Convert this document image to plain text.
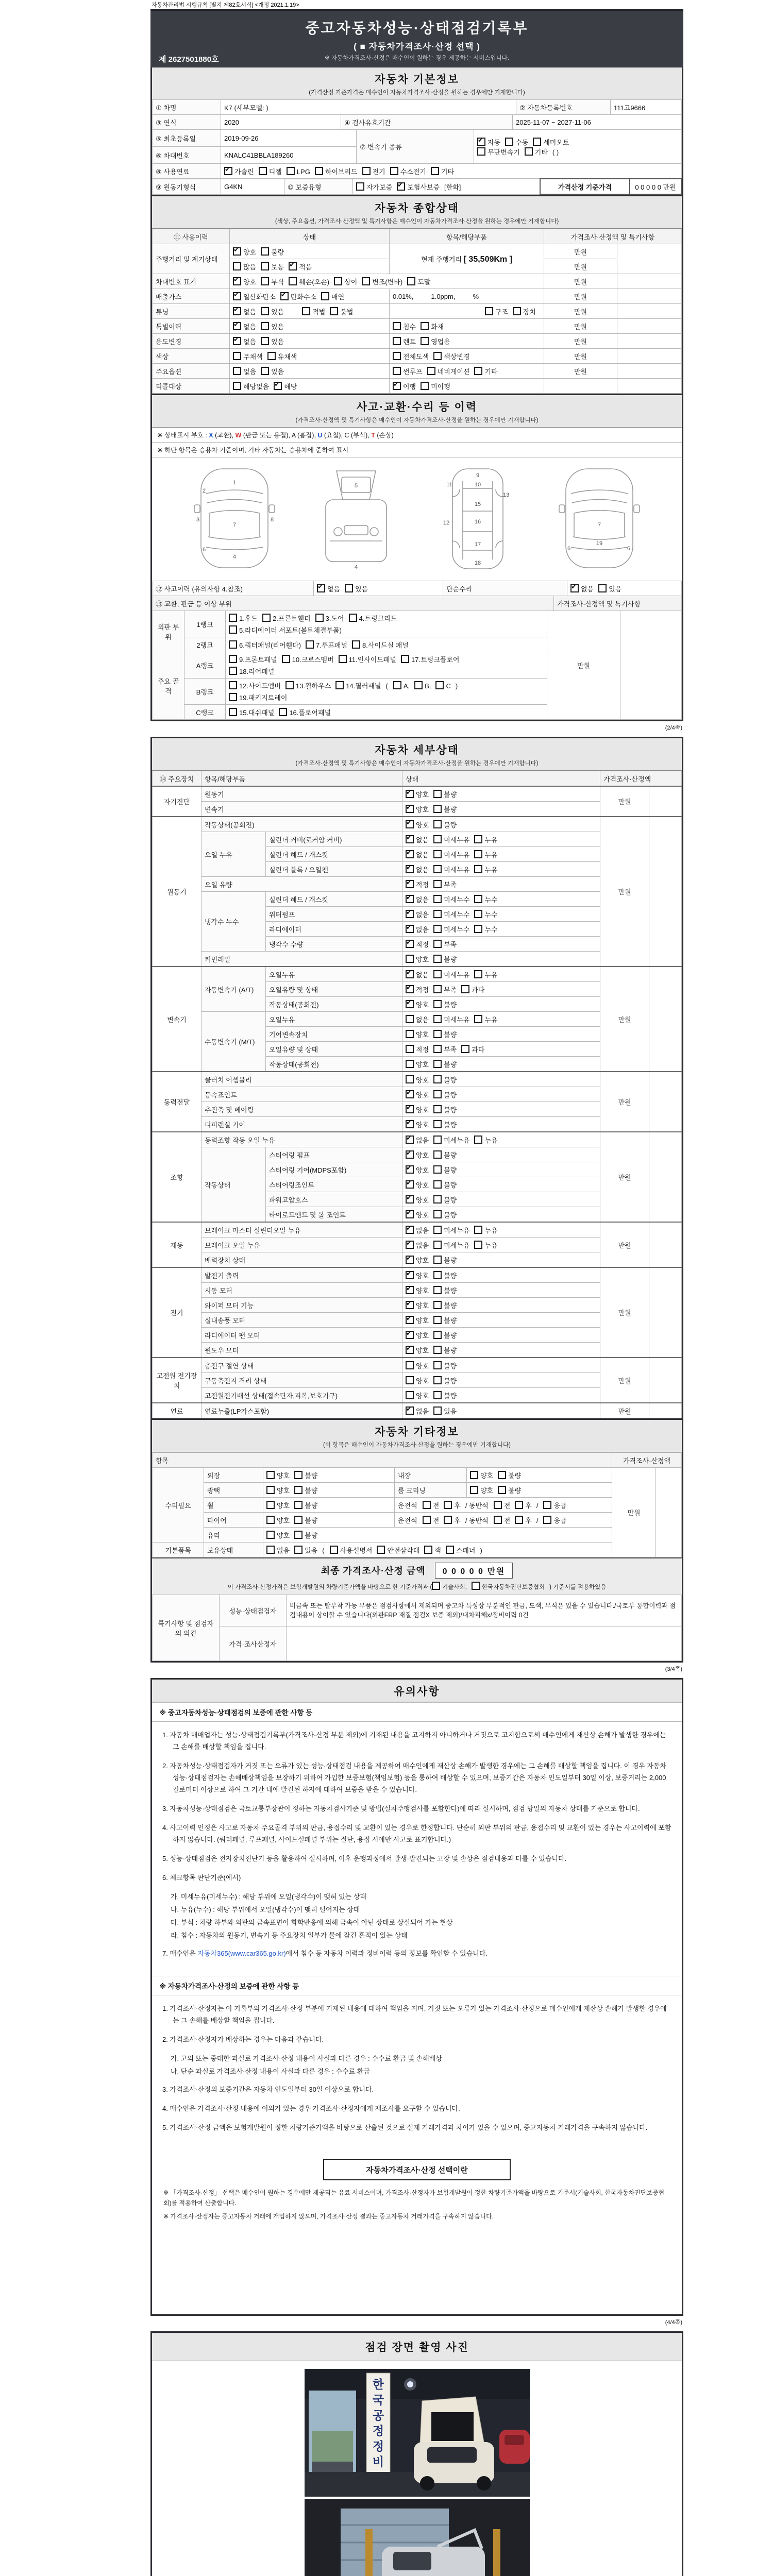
자동차관리법 시행규칙 [별지 제82호서식] <개정 2021.1.19>
중고자동차성능·상태점검기록부
( ■ 자동차가격조사·산정 선택 )
※ 자동차가격조사·산정은 매수인이 원하는 경우 제공하는 서비스입니다.
제 2627501880호
자동차 기본정보
(가격산정 기준가격은 매수인이 자동차가격조사·산정을 원하는 경우에만 기재합니다)
① 차명	K7 (세부모델: )	② 자동차등록번호	111고9666
③ 연식	2020	④ 검사유효기간	2025-11-07 ~ 2027-11-06
⑤ 최초등록일	2019-09-26	⑦ 변속기 종류	✔자동 수동 세미오토
무단변속기 기타 ( )
⑥ 차대번호	KNALC41BBLA189260		
⑧ 사용연료	✔가솔린 디젤 LPG 하이브리드 전기 수소전기 기타
⑨ 원동기형식	G4KN	⑩ 보증유형	자가보증 ✔ 보험사보증 [한화]	가격산정 기준가격	0 0 0 0 0 만원
자동차 종합상태
(색상, 주요옵션, 가격조사·산정액 및 특기사항은 매수인이 자동차가격조사·산정을 원하는 경우에만 기재합니다)
⑪ 사용이력	상태	항목/해당부품	가격조사·산정액 및 특기사항	
주행거리 및 계기상태	✔양호 불량	현재 주행거리 [ 35,509Km ]	만원	
	많음 보통 ✔ 적음		만원	
차대번호 표기	✔양호 부식 훼손(오손) 상이 변조(변타) 도말		만원	
배출가스	✔일산화탄소 ✔ 탄화수소 매연	0.01%, 1.0ppm, %	만원	
튜닝	✔없음 있음 적법 불법	구조 장치	만원	
특별이력	✔없음 있음	침수 화재	만원	
용도변경	✔없음 있음	렌트 영업용	만원	
색상	무채색 유채색	전체도색 색상변경	만원	
주요옵션	없음 있음	썬루프 네비게이션 기타	만원	
리콜대상	해당없음 ✔ 해당	✔이행 미이행		
사고·교환·수리 등 이력
(가격조사·산정액 및 특기사항은 매수인이 자동차가격조사·산정을 원하는 경우에만 기재합니다)
※ 상태표시 부호 : X (교환), W (판금 또는 용접), A (흠집), U (요철), C (부식), T (손상)
※ 하단 항목은 승용차 기준이며, 기타 자동차는 승용차에 준하여 표시
1
2
3
6
4
7
8
5
4
9
10
11
12
13
15
16
17
18
7
6
19
6
⑫ 사고이력 (유의사항 4.참조)	✔없음 있음	단순수리	✔없음 있음
⑬ 교환, 판금 등 이상 부위	가격조사·산정액 및 특기사항
외판 부위	1랭크	1.후드 2.프론트휀더 3.도어 4.트렁크리드
5.라디에이터 서포트(볼트체결부품)	만원	
	2랭크	6.쿼터패널(리어휀다) 7.루프패널 8.사이드실 패널		

주요 골격	A랭크	9.프론트패널 10.크로스멤버 11.인사이드패널 17.트렁크플로어
18.리어패널		

	B랭크	12.사이드멤버 13.휠하우스 14.필러패널 ( A, B, C )
19.패키지트레이		

	C랭크	15.대쉬패널 16.플로어패널		
(2/4쪽)
자동차 세부상태
(가격조사·산정액 및 특기사항은 매수인이 자동차가격조사·산정을 원하는 경우에만 기재합니다)
⑭ 주요장치	항목/해당부품		상태	가격조사·산정액	
자기진단	원동기	✔양호 불량	만원	
	변속기	✔양호 불량
원동기	작동상태(공회전)	✔양호 불량	만원	
	오일 누유	실린더 커버(로커암 커버)	✔없음 미세누유 누유
		실린더 헤드 / 개스킷	✔없음 미세누유 누유
		실린더 블록 / 오일팬	✔없음 미세누유 누유
	오일 유량	✔적정 부족
	냉각수 누수	실린더 헤드 / 개스킷	✔없음 미세누수 누수
		워터펌프	✔없음 미세누수 누수
		라디에이터	✔없음 미세누수 누수
		냉각수 수량	✔적정 부족
	커먼레일		양호 불량		
변속기	자동변속기 (A/T)	오일누유	✔없음 미세누유 누유	만원	
		오일유량 및 상태	✔적정 부족 과다
		작동상태(공회전)	✔양호 불량
	수동변속기 (M/T)	오일누유	없음 미세누유 누유		
		기어변속장치	양호 불량		
		오일유량 및 상태	적정 부족 과다		
		작동상태(공회전)	양호 불량		
동력전달	클러치 어셈블리		양호 불량	만원	
	등속죠인트	✔양호 불량
	추진축 및 베어링	✔양호 불량
	디퍼렌셜 기어	✔양호 불량
조향	동력조향 작동 오일 누유	✔없음 미세누유 누유	만원	
	작동상태	스티어링 펌프	✔양호 불량
		스티어링 기어(MDPS포함)	✔양호 불량
		스티어링조인트	✔양호 불량
		파워고압호스	✔양호 불량
		타이로드엔드 및 볼 조인트	✔양호 불량
제동	브레이크 마스터 실린더오일 누유	✔없음 미세누유 누유	만원	
	브레이크 오일 누유	✔없음 미세누유 누유
	배력장치 상태	✔양호 불량
전기	발전기 출력	✔양호 불량	만원	
	시동 모터	✔양호 불량
	와이퍼 모터 기능	✔양호 불량
	실내송풍 모터	✔양호 불량
	라디에이터 팬 모터	✔양호 불량
	윈도우 모터	✔양호 불량
고전원 전기장치	충전구 절연 상태		양호 불량	만원	
	구동축전지 격리 상태		양호 불량		
	고전원전기배선 상태(접속단자,피복,보호기구)		양호 불량		
연료	연료누출(LP가스포함)	✔없음 있음	만원	
자동차 기타정보
(이 항목은 매수인이 자동차가격조사·산정을 원하는 경우에만 기재합니다)
항목					가격조사·산정액	
수리필요	외장	양호 불량	내장	양호 불량	만원	
	광택	양호 불량	룸 크리닝	양호 불량		
	휠	양호 불량	운전석 전 후 / 동반석 전 후 / 응급			
	타이어	양호 불량	운전석 전 후 / 동반석 전 후 / 응급			
	유리	양호 불량				
기본품목	보유상태	없음 있음 ( 사용설명서 안전삼각대 잭 스패너 )				
최종 가격조사·산정 금액 0 0 0 0 0 만원
이 가격조사·산정가격은 보험개발원의 차량기준가액을 바탕으로 한 기준가격과 ( 기술사회,	한국자동차진단보증협회 ) 기준서를 적용하였음
특기사항 및 점검자의 의견	성능·상태점검자	비금속 또는 탈부착 가능 부품은 점검사항에서 제외되며 중고차 특성상 부분적인 판금, 도색, 부식은 있을 수 있습니다./국토부 통합이력과 점검내용이 상이할 수 있습니다(외판FRP 재질 점검X 보증 제외)/내차피해x/정비이력 0건
	가격·조사산정자	
(3/4쪽)
유의사항
※ 중고자동차성능·상태점검의 보증에 관한 사항 등
1. 자동차 매매업자는 성능·상태점검기록부(가격조사·산정 부분 제외)에 기재된 내용을 고지하지 아니하거나 거짓으로 고지함으로써 매수인에게 재산상 손해가 발생한 경우에는 그 손해를 배상할 책임을 집니다.
2. 자동차성능·상태점검자가 거짓 또는 오류가 있는 성능·상태점검 내용을 제공하여 매수인에게 재산상 손해가 발생한 경우에는 그 손해를 배상할 책임을 집니다. 이 경우 자동차성능·상태점검자는 손해배상책임을 보장하기 위하여 가입한 보증보험(책임보험) 등을 통하여 배상할 수 있으며, 보증기간은 자동차 인도일부터 30일 이상, 보증거리는 2,000킬로미터 이상으로 하여 그 기간 내에 발견된 하자에 대하여 보증을 받을 수 있습니다.
3. 자동차성능·상태점검은 국토교통부장관이 정하는 자동차검사기준 및 방법(실차주행검사를 포함한다)에 따라 실시하며, 점검 당일의 자동차 상태를 기준으로 합니다.
4. 사고이력 인정은 사고로 자동차 주요골격 부위의 판금, 용접수리 및 교환이 있는 경우로 한정합니다. 단순히 외판 부위의 판금, 용접수리 및 교환이 있는 경우는 사고이력에 포함하지 않습니다. (쿼터패널, 루프패널, 사이드실패널 부위는 절단, 용접 시에만 사고로 표기합니다.)
5. 성능·상태점검은 전자장치진단기 등을 활용하여 실시하며, 이후 운행과정에서 발생·발견되는 고장 및 손상은 점검내용과 다를 수 있습니다.
6. 체크항목 판단기준(예시)
가. 미세누유(미세누수) : 해당 부위에 오일(냉각수)이 맺혀 있는 상태
나. 누유(누수) : 해당 부위에서 오일(냉각수)이 맺혀 떨어지는 상태
다. 부식 : 차량 하부와 외판의 금속표면이 화학반응에 의해 금속이 아닌 상태로 상실되어 가는 현상
라. 침수 : 자동차의 원동기, 변속기 등 주요장치 일부가 물에 잠긴 흔적이 있는 상태
7. 매수인은 자동차365(www.car365.go.kr)에서 침수 등 자동차 이력과 정비이력 등의 정보를 확인할 수 있습니다.
※ 자동차가격조사·산정의 보증에 관한 사항 등
1. 가격조사·산정자는 이 기록부의 가격조사·산정 부분에 기재된 내용에 대하여 책임을 지며, 거짓 또는 오류가 있는 가격조사·산정으로 매수인에게 재산상 손해가 발생한 경우에는 그 손해를 배상할 책임을 집니다.
2. 가격조사·산정자가 배상하는 경우는 다음과 같습니다.
가. 고의 또는 중대한 과실로 가격조사·산정 내용이 사실과 다른 경우 : 수수료 환급 및 손해배상
나. 단순 과실로 가격조사·산정 내용이 사실과 다른 경우 : 수수료 환급
3. 가격조사·산정의 보증기간은 자동차 인도일부터 30일 이상으로 합니다.
4. 매수인은 가격조사·산정 내용에 이의가 있는 경우 가격조사·산정자에게 재조사를 요구할 수 있습니다.
5. 가격조사·산정 금액은 보험개발원이 정한 차량기준가액을 바탕으로 산출된 것으로 실제 거래가격과 차이가 있을 수 있으며, 중고자동차 거래가격을 구속하지 않습니다.
자동차가격조사·산정 선택이란
※ 「가격조사·산정」 선택은 매수인이 원하는 경우에만 제공되는 유료 서비스이며, 가격조사·산정자가 보험개발원이 정한 차량기준가액을 바탕으로 기준서(기술사회, 한국자동차진단보증협회)를 적용하여 산출합니다.
※ 가격조사·산정자는 중고자동차 거래에 개입하지 않으며, 가격조사·산정 결과는 중고자동차 거래가격을 구속하지 않습니다.
(4/4쪽)
점검 장면 촬영 사진
한국공정정비
